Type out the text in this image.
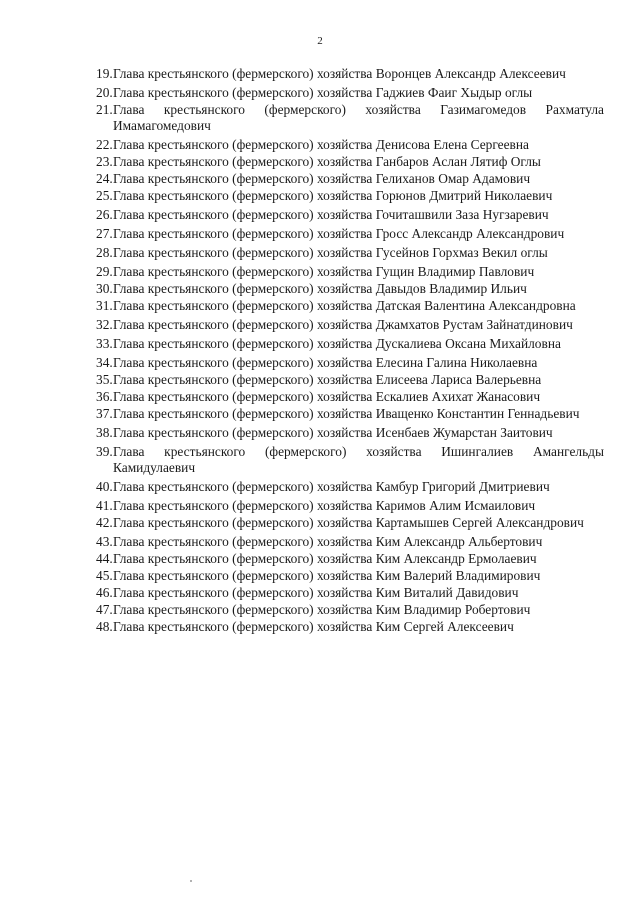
2
19. Глава крестьянского (фермерского) хозяйства Воронцев Александр Алексеевич
20. Глава крестьянского (фермерского) хозяйства Гаджиев Фаиг Хыдыр оглы
21. Глава крестьянского (фермерского) хозяйства Газимагомедов Рахматула Имамагомедович
22. Глава крестьянского (фермерского) хозяйства Денисова Елена Сергеевна
23. Глава крестьянского (фермерского) хозяйства Ганбаров Аслан Лятиф Оглы
24. Глава крестьянского (фермерского) хозяйства Гелиханов Омар Адамович
25. Глава крестьянского (фермерского) хозяйства Горюнов Дмитрий Николаевич
26. Глава крестьянского (фермерского) хозяйства Гочиташвили Заза Нугзаревич
27. Глава крестьянского (фермерского) хозяйства Гросс Александр Александрович
28. Глава крестьянского (фермерского) хозяйства Гусейнов Горхмаз Векил оглы
29. Глава крестьянского (фермерского) хозяйства Гущин Владимир Павлович
30. Глава крестьянского (фермерского) хозяйства Давыдов Владимир Ильич
31. Глава крестьянского (фермерского) хозяйства Датская Валентина Александровна
32. Глава крестьянского (фермерского) хозяйства Джамхатов Рустам Зайнатдинович
33. Глава крестьянского (фермерского) хозяйства Дускалиева Оксана Михайловна
34. Глава крестьянского (фермерского) хозяйства Елесина Галина Николаевна
35. Глава крестьянского (фермерского) хозяйства Елисеева Лариса Валерьевна
36. Глава крестьянского (фермерского) хозяйства Ескалиев Ахихат Жанасович
37. Глава крестьянского (фермерского) хозяйства Иващенко Константин Геннадьевич
38. Глава крестьянского (фермерского) хозяйства Исенбаев Жумарстан Заитович
39. Глава крестьянского (фермерского) хозяйства Ишингалиев Амангельды Камидулаевич
40. Глава крестьянского (фермерского) хозяйства Камбур Григорий Дмитриевич
41. Глава крестьянского (фермерского) хозяйства Каримов Алим Исмаилович
42. Глава крестьянского (фермерского) хозяйства Картамышев Сергей Александрович
43. Глава крестьянского (фермерского) хозяйства Ким Александр Альбертович
44. Глава крестьянского (фермерского) хозяйства Ким Александр Ермолаевич
45. Глава крестьянского (фермерского) хозяйства Ким Валерий Владимирович
46. Глава крестьянского (фермерского) хозяйства Ким Виталий Давидович
47. Глава крестьянского (фермерского) хозяйства Ким Владимир Робертович
48. Глава крестьянского (фермерского) хозяйства Ким Сергей Алексеевич
